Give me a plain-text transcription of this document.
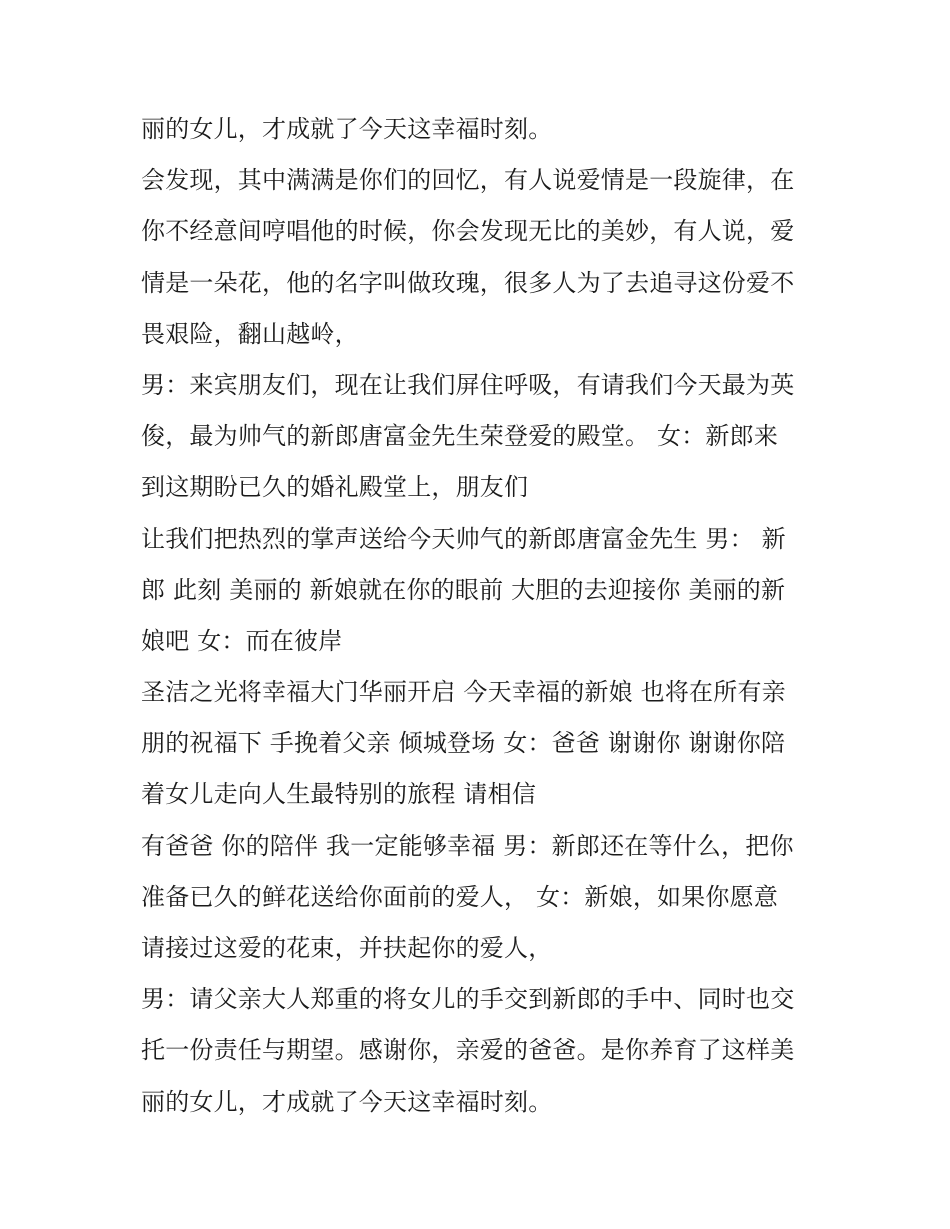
丽的女儿，才成就了今天这幸福时刻。
会发现，其中满满是你们的回忆，有人说爱情是一段旋律，在
你不经意间哼唱他的时候，你会发现无比的美妙，有人说，爱
情是一朵花，他的名字叫做玫瑰，很多人为了去追寻这份爱不
畏艰险，翻山越岭，
男：来宾朋友们，现在让我们屏住呼吸，有请我们今天最为英
俊，最为帅气的新郎唐富金先生荣登爱的殿堂。 女：新郎来
到这期盼已久的婚礼殿堂上，朋友们
让我们把热烈的掌声送给今天帅气的新郎唐富金先生 男： 新
郎 此刻 美丽的 新娘就在你的眼前 大胆的去迎接你 美丽的新
娘吧 女：而在彼岸
圣洁之光将幸福大门华丽开启 今天幸福的新娘 也将在所有亲
朋的祝福下 手挽着父亲 倾城登场 女：爸爸 谢谢你 谢谢你陪
着女儿走向人生最特别的旅程 请相信
有爸爸 你的陪伴 我一定能够幸福 男：新郎还在等什么，把你
准备已久的鲜花送给你面前的爱人， 女：新娘，如果你愿意
请接过这爱的花束，并扶起你的爱人，
男：请父亲大人郑重的将女儿的手交到新郎的手中、同时也交
托一份责任与期望。感谢你，亲爱的爸爸。是你养育了这样美
丽的女儿，才成就了今天这幸福时刻。
